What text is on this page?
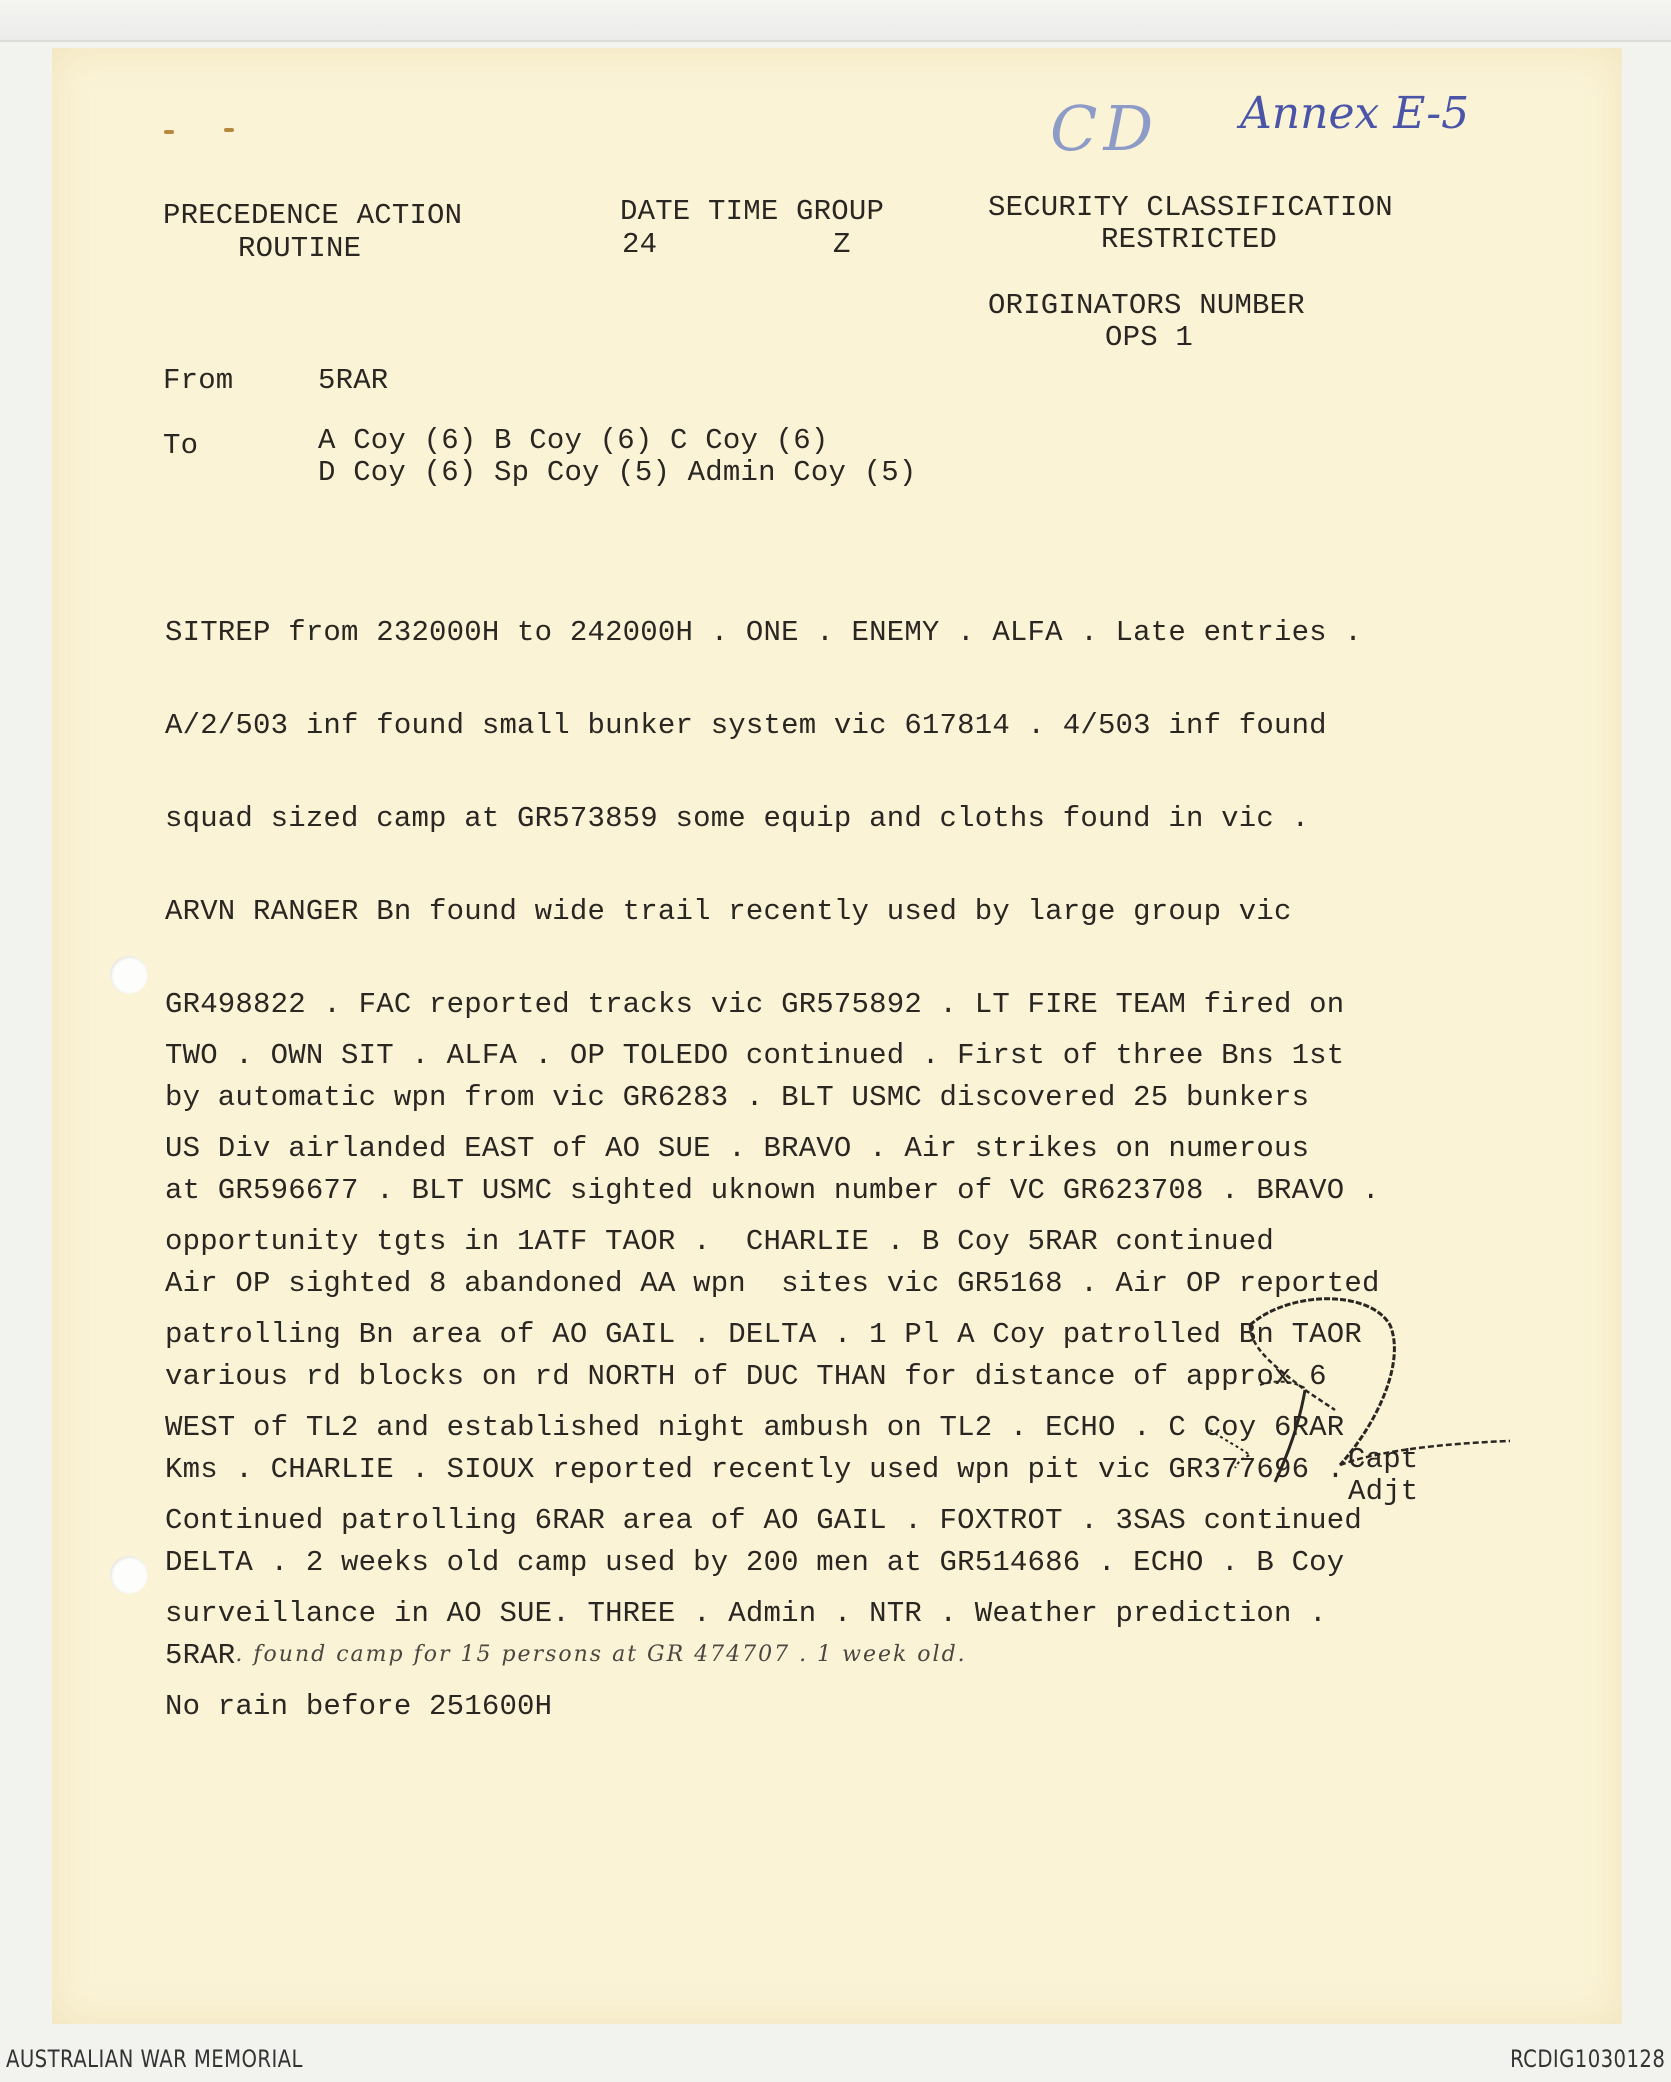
CD Annex E-5
PRECEDENCE ACTION
ROUTINE
DATE TIME GROUP
24	Z
SECURITY CLASSIFICATION
RESTRICTED
ORIGINATORS NUMBER
OPS 1
From	5RAR
To	A Coy (6) B Coy (6) C Coy (6)
D Coy (6) Sp Coy (5) Admin Coy (5)

SITREP from 232000H to 242000H . ONE . ENEMY . ALFA . Late entries .

A/2/503 inf found small bunker system vic 617814 . 4/503 inf found

squad sized camp at GR573859 some equip and cloths found in vic .

ARVN RANGER Bn found wide trail recently used by large group vic

GR498822 . FAC reported tracks vic GR575892 . LT FIRE TEAM fired on

by automatic wpn from vic GR6283 . BLT USMC discovered 25 bunkers

at GR596677 . BLT USMC sighted uknown number of VC GR623708 . BRAVO .

Air OP sighted 8 abandoned AA wpn  sites vic GR5168 . Air OP reported

various rd blocks on rd NORTH of DUC THAN for distance of approx 6

Kms . CHARLIE . SIOUX reported recently used wpn pit vic GR377696 .

DELTA . 2 weeks old camp used by 200 men at GR514686 . ECHO . B Coy

5RAR. found camp for 15 persons at GR 474707 . 1 week old.

TWO . OWN SIT . ALFA . OP TOLEDO continued . First of three Bns 1st

US Div airlanded EAST of AO SUE . BRAVO . Air strikes on numerous

opportunity tgts in 1ATF TAOR .  CHARLIE . B Coy 5RAR continued

patrolling Bn area of AO GAIL . DELTA . 1 Pl A Coy patrolled Bn TAOR

WEST of TL2 and established night ambush on TL2 . ECHO . C Coy 6RAR

Continued patrolling 6RAR area of AO GAIL . FOXTROT . 3SAS continued

surveillance in AO SUE. THREE . Admin . NTR . Weather prediction .

No rain before 251600H

Capt
Adjt
AUSTRALIAN WAR MEMORIAL	RCDIG1030128
